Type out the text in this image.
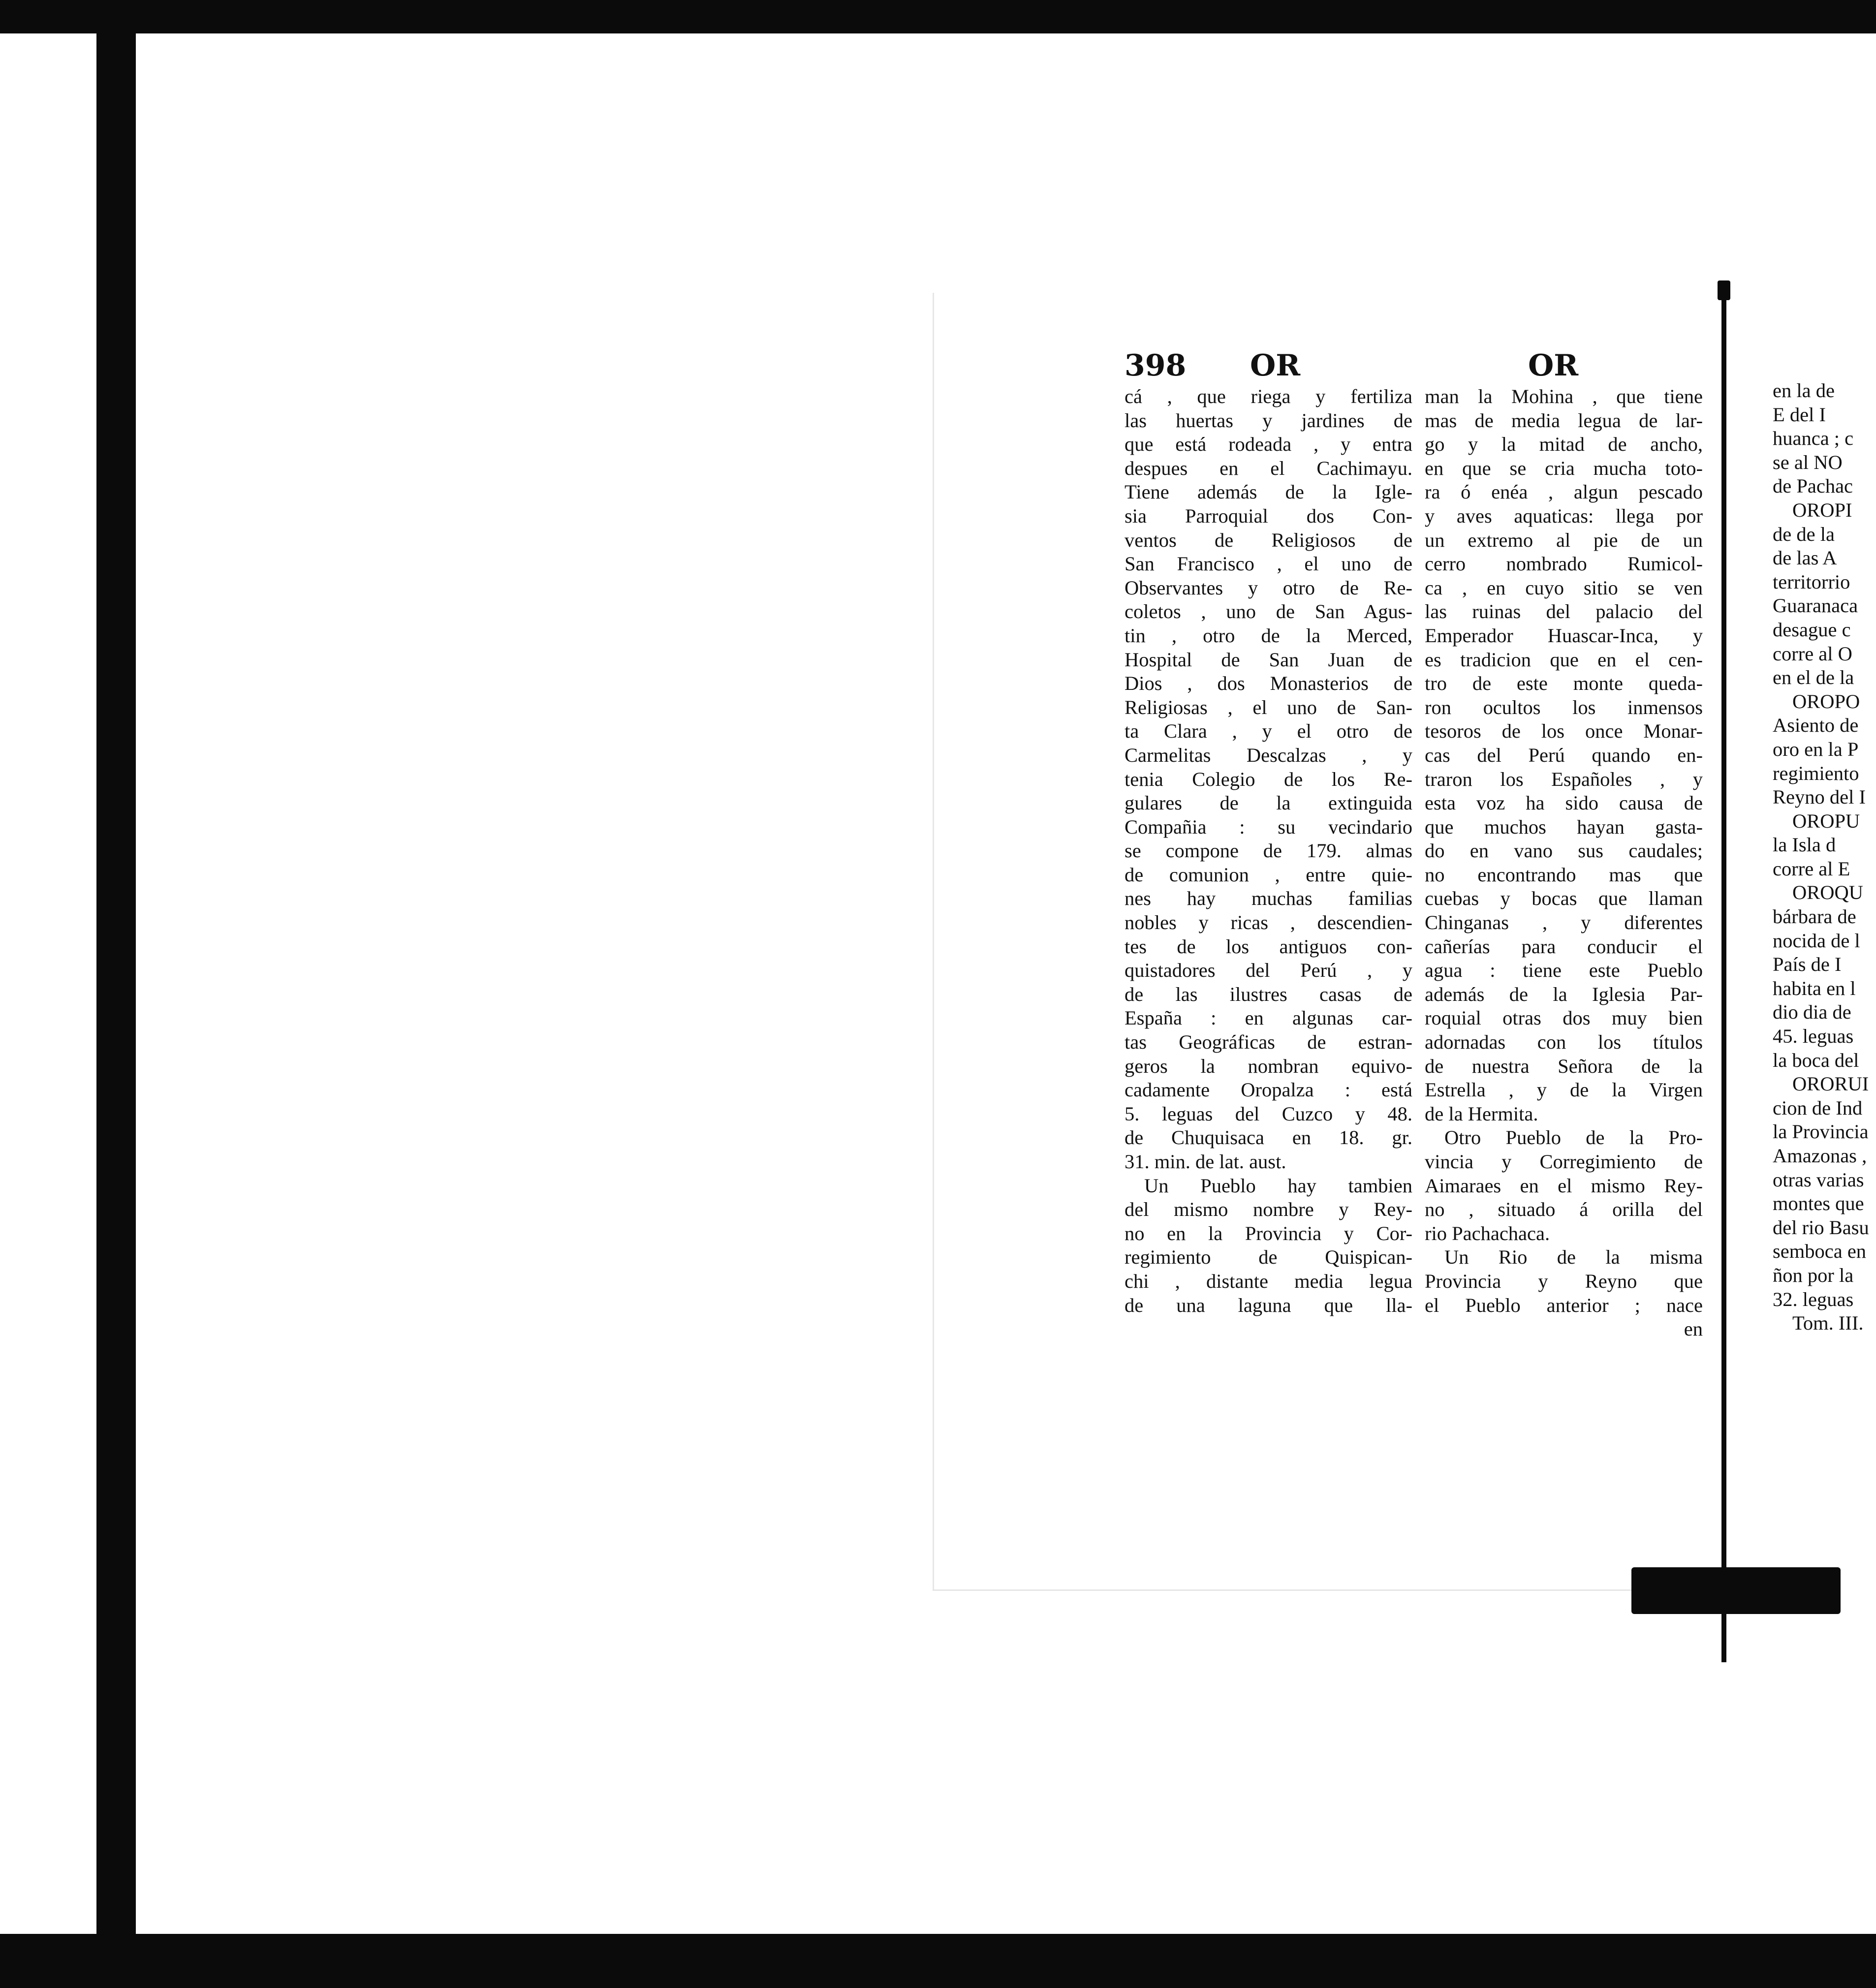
398 OR	OR
cá , que riega y fertiliza
las huertas y jardines de
que está rodeada , y entra
despues en el Cachimayu.
Tiene además de la Igle-
sia Parroquial dos Con-
ventos de Religiosos de
San Francisco , el uno de
Observantes y otro de Re-
coletos , uno de San Agus-
tin , otro de la Merced,
Hospital de San Juan de
Dios , dos Monasterios de
Religiosas , el uno de San-
ta Clara , y el otro de
Carmelitas Descalzas , y
tenia Colegio de los Re-
gulares de la extinguida
Compañia : su vecindario
se compone de 179. almas
de comunion , entre quie-
nes hay muchas familias
nobles y ricas , descendien-
tes de los antiguos con-
quistadores del Perú , y
de las ilustres casas de
España : en algunas car-
tas Geográficas de estran-
geros la nombran equivo-
cadamente Oropalza : está
5. leguas del Cuzco y 48.
de Chuquisaca en 18. gr.
31. min. de lat. aust.
Un Pueblo hay tambien
del mismo nombre y Rey-
no en la Provincia y Cor-
regimiento de Quispican-
chi , distante media legua
de una laguna que lla-
man la Mohina , que tiene
mas de media legua de lar-
go y la mitad de ancho,
en que se cria mucha toto-
ra ó enéa , algun pescado
y aves aquaticas: llega por
un extremo al pie de un
cerro nombrado Rumicol-
ca , en cuyo sitio se ven
las ruinas del palacio del
Emperador Huascar-Inca, y
es tradicion que en el cen-
tro de este monte queda-
ron ocultos los inmensos
tesoros de los once Monar-
cas del Perú quando en-
traron los Españoles , y
esta voz ha sido causa de
que muchos hayan gasta-
do en vano sus caudales;
no encontrando mas que
cuebas y bocas que llaman
Chinganas , y diferentes
cañerías para conducir el
agua : tiene este Pueblo
además de la Iglesia Par-
roquial otras dos muy bien
adornadas con los títulos
de nuestra Señora de la
Estrella , y de la Virgen
de la Hermita.
Otro Pueblo de la Pro-
vincia y Corregimiento de
Aimaraes en el mismo Rey-
no , situado á orilla del
rio Pachachaca.
Un Rio de la misma
Provincia y Reyno que
el Pueblo anterior ; nace
en
en la de
E del I
huanca ; c
se al NO
de Pachac
OROPI
de de la
de las A
territorrio
Guaranaca
desague c
corre al O
en el de la
OROPO
Asiento de
oro en la P
regimiento
Reyno del I
OROPU
la Isla d
corre al E
OROQU
bárbara de
nocida de l
País de I
habita en l
dio dia de
45. leguas
la boca del
ORORUI
cion de Ind
la Provincia
Amazonas ,
otras varias
montes que
del rio Basu
semboca en
ñon por la
32. leguas
Tom. III.
